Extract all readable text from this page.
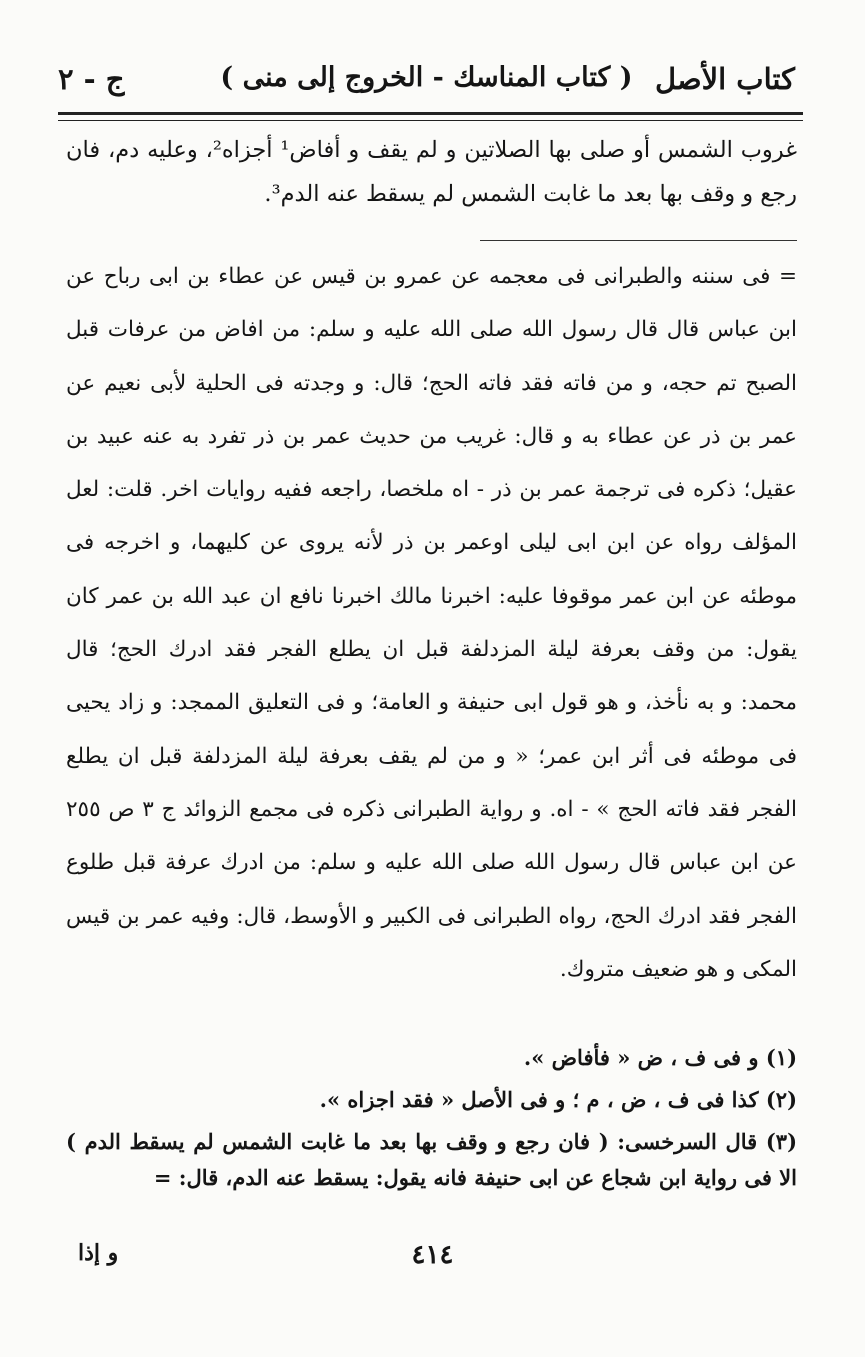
كتاب الأصل
( كتاب المناسك - الخروج إلى منى )
ج - ٢
غروب الشمس أو صلى بها الصلاتين و لم يقف و أفاض¹ أجزاه²، وعليه دم، فان رجع و وقف بها بعد ما غابت الشمس لم يسقط عنه الدم³.
= فى سننه والطبرانى فى معجمه عن عمرو بن قيس عن عطاء بن ابى رباح عن ابن عباس قال قال رسول الله صلى الله عليه و سلم: من افاض من عرفات قبل الصبح تم حجه، و من فاته فقد فاته الحج؛ قال: و وجدته فى الحلية لأبى نعيم عن عمر بن ذر عن عطاء به و قال: غريب من حديث عمر بن ذر تفرد به عنه عبيد بن عقيل؛ ذكره فى ترجمة عمر بن ذر - اه ملخصا، راجعه ففيه روايات اخر. قلت: لعل المؤلف رواه عن ابن ابى ليلى اوعمر بن ذر لأنه يروى عن كليهما، و اخرجه فى موطئه عن ابن عمر موقوفا عليه: اخبرنا مالك اخبرنا نافع ان عبد الله بن عمر كان يقول: من وقف بعرفة ليلة المزدلفة قبل ان يطلع الفجر فقد ادرك الحج؛ قال محمد: و به نأخذ، و هو قول ابى حنيفة و العامة؛ و فى التعليق الممجد: و زاد يحيى فى موطئه فى أثر ابن عمر؛ « و من لم يقف بعرفة ليلة المزدلفة قبل ان يطلع الفجر فقد فاته الحج » - اه. و رواية الطبرانى ذكره فى مجمع الزوائد ج ٣ ص ٢٥٥ عن ابن عباس قال رسول الله صلى الله عليه و سلم: من ادرك عرفة قبل طلوع الفجر فقد ادرك الحج، رواه الطبرانى فى الكبير و الأوسط، قال: وفيه عمر بن قيس المكى و هو ضعيف متروك.
(١) و فى ف ، ض « فأفاض ».
(٢) كذا فى ف ، ض ، م ؛ و فى الأصل « فقد اجزاه ».
(٣) قال السرخسى: ( فان رجع و وقف بها بعد ما غابت الشمس لم يسقط الدم ) الا فى رواية ابن شجاع عن ابى حنيفة فانه يقول: يسقط عنه الدم، قال: =
٤١٤
و إذا
